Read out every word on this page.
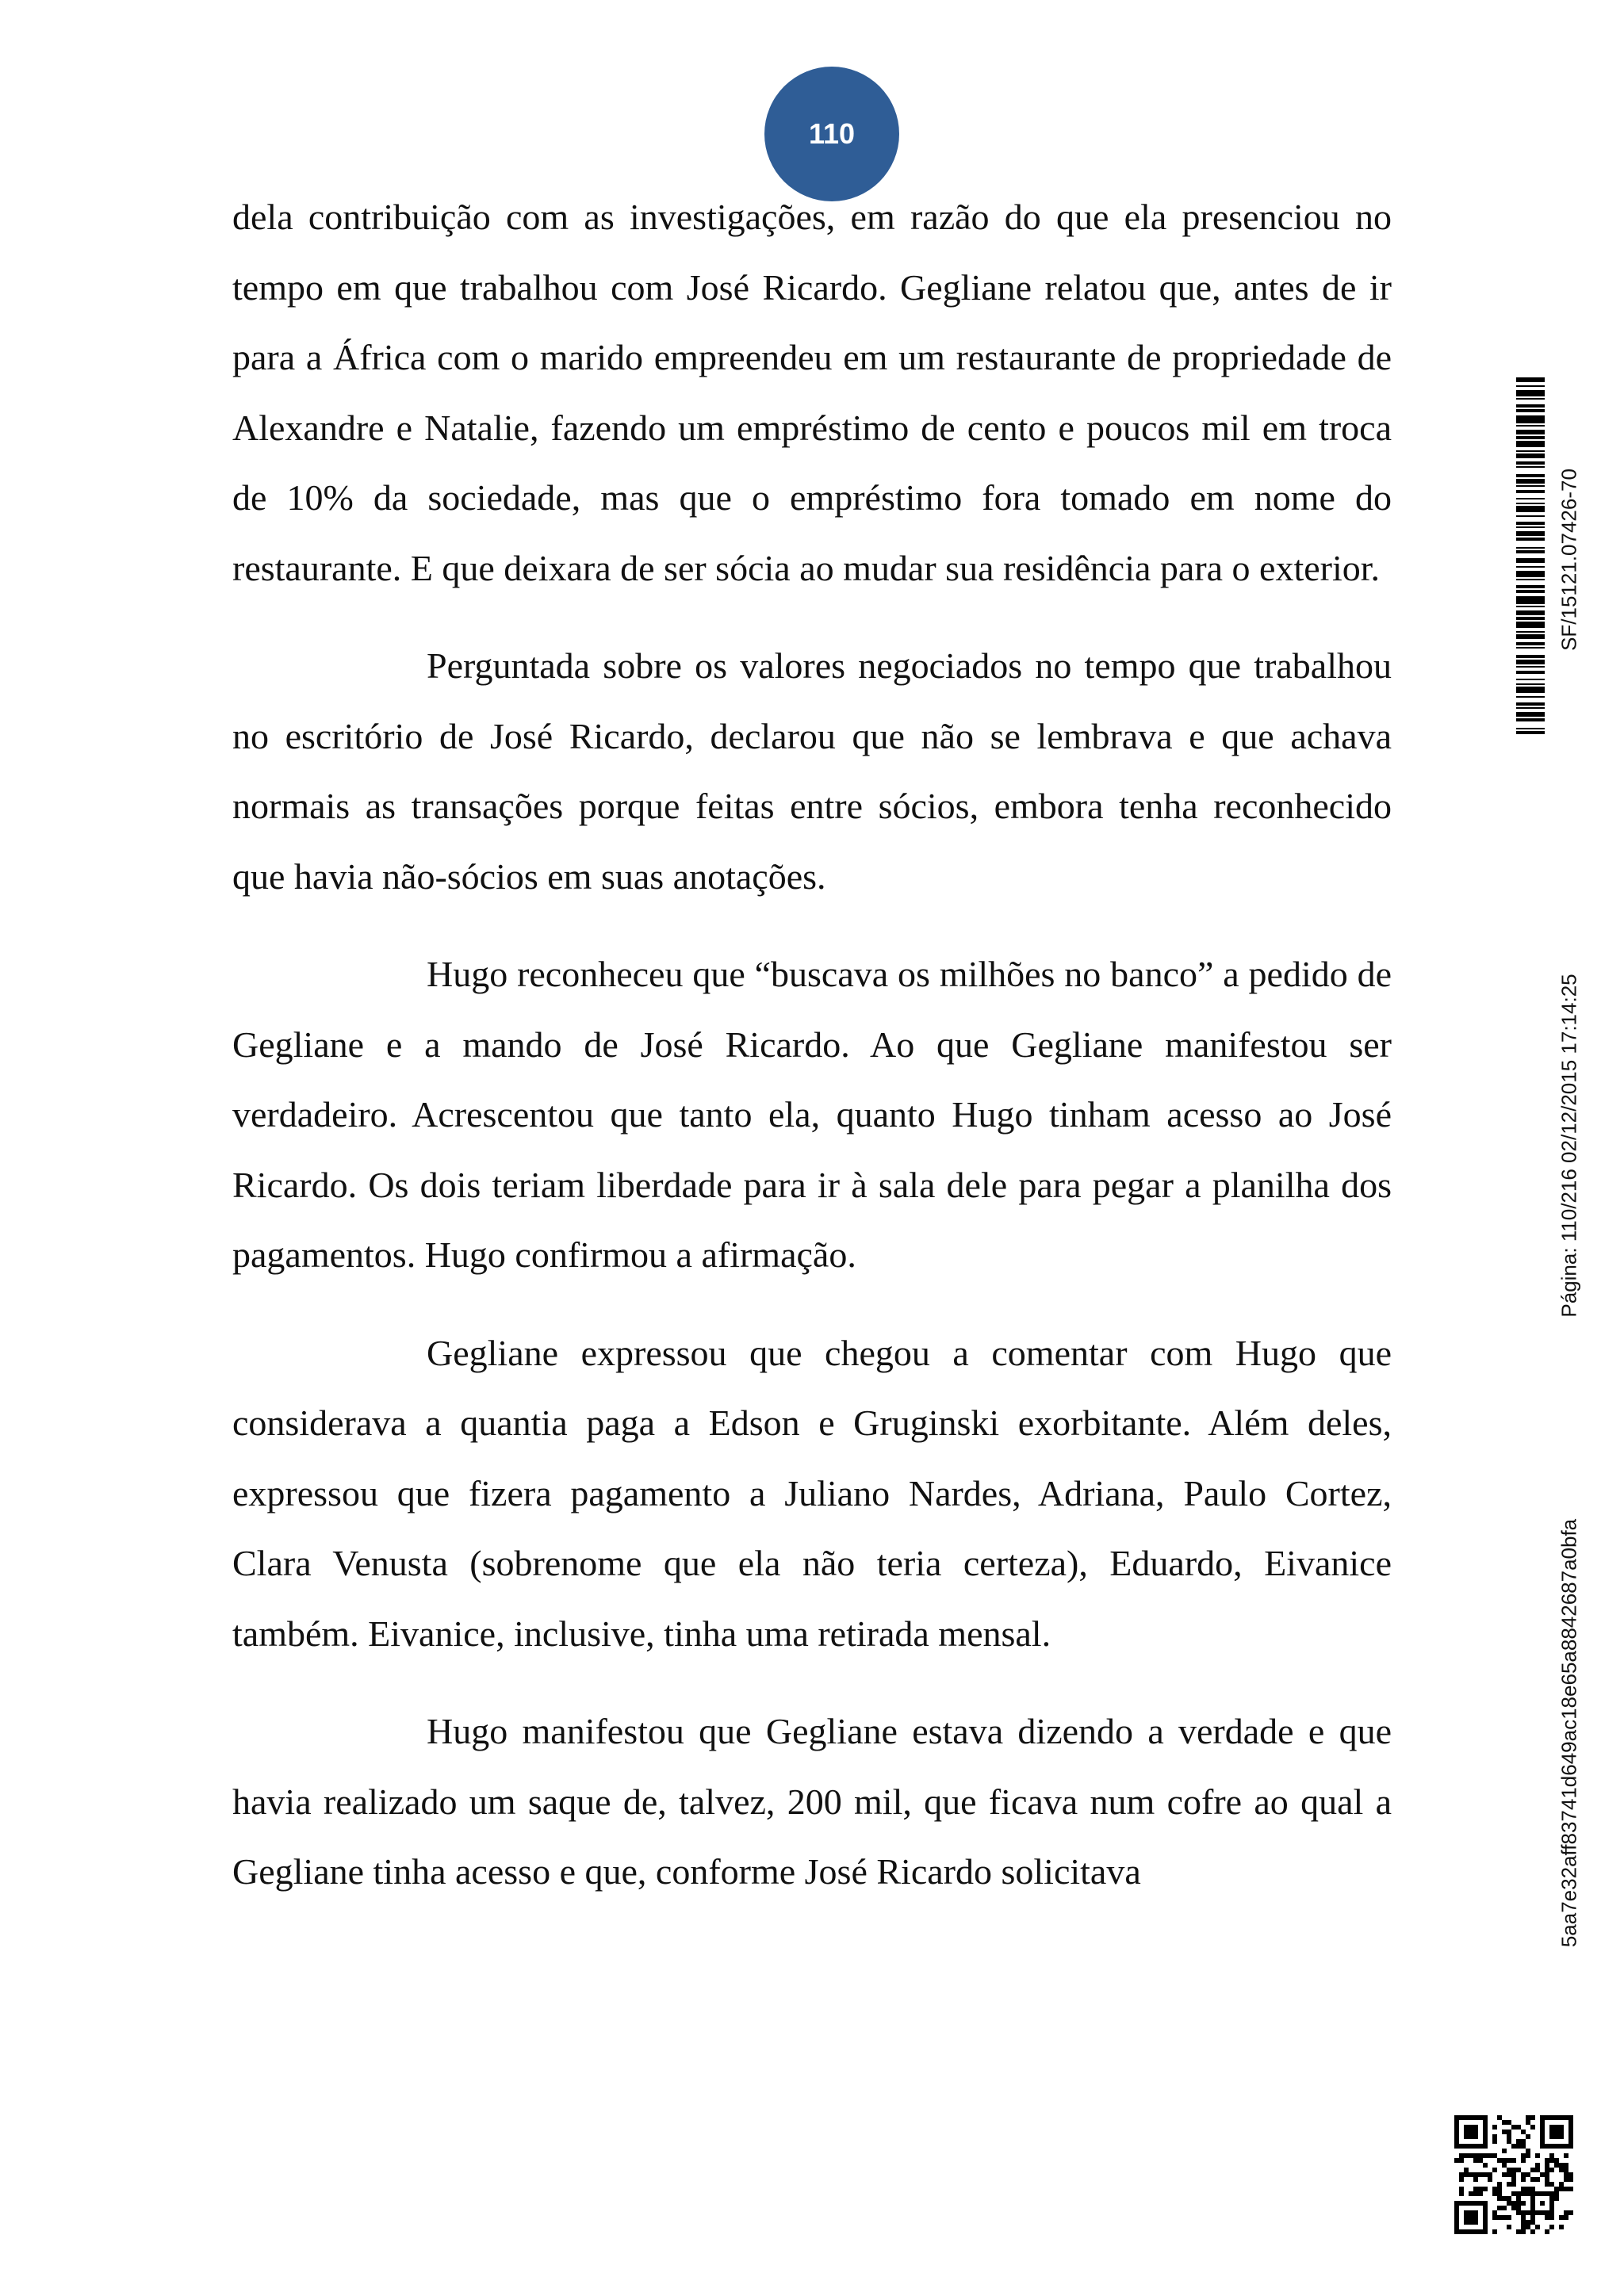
110

dela contribuição com as investigações, em razão do que ela presenciou no tempo em que trabalhou com José Ricardo. Gegliane relatou que, antes de ir para a África com o marido empreendeu em um restaurante de propriedade de Alexandre e Natalie, fazendo um empréstimo de cento e poucos mil em troca de 10% da sociedade, mas que o empréstimo fora tomado em nome do restaurante. E que deixara de ser sócia ao mudar sua residência para o exterior.

Perguntada sobre os valores negociados no tempo que trabalhou no escritório de José Ricardo, declarou que não se lembrava e que achava normais as transações porque feitas entre sócios, embora tenha reconhecido que havia não-sócios em suas anotações.

Hugo reconheceu que “buscava os milhões no banco” a pedido de Gegliane e a mando de José Ricardo. Ao que Gegliane manifestou ser verdadeiro. Acrescentou que tanto ela, quanto Hugo tinham acesso ao José Ricardo. Os dois teriam liberdade para ir à sala dele para pegar a planilha dos pagamentos. Hugo confirmou a afirmação.

Gegliane expressou que chegou a comentar com Hugo que considerava a quantia paga a Edson e Gruginski exorbitante. Além deles, expressou que fizera pagamento a Juliano Nardes, Adriana, Paulo Cortez, Clara Venusta (sobrenome que ela não teria certeza), Eduardo, Eivanice também. Eivanice, inclusive, tinha uma retirada mensal.

Hugo manifestou que Gegliane estava dizendo a verdade e que havia realizado um saque de, talvez, 200 mil, que ficava num cofre ao qual a Gegliane tinha acesso e que, conforme José Ricardo solicitava

SF/15121.07426-70
Página: 110/216 02/12/2015 17:14:25
5aa7e32aff83741d649ac18e65a8842687a0bfa
